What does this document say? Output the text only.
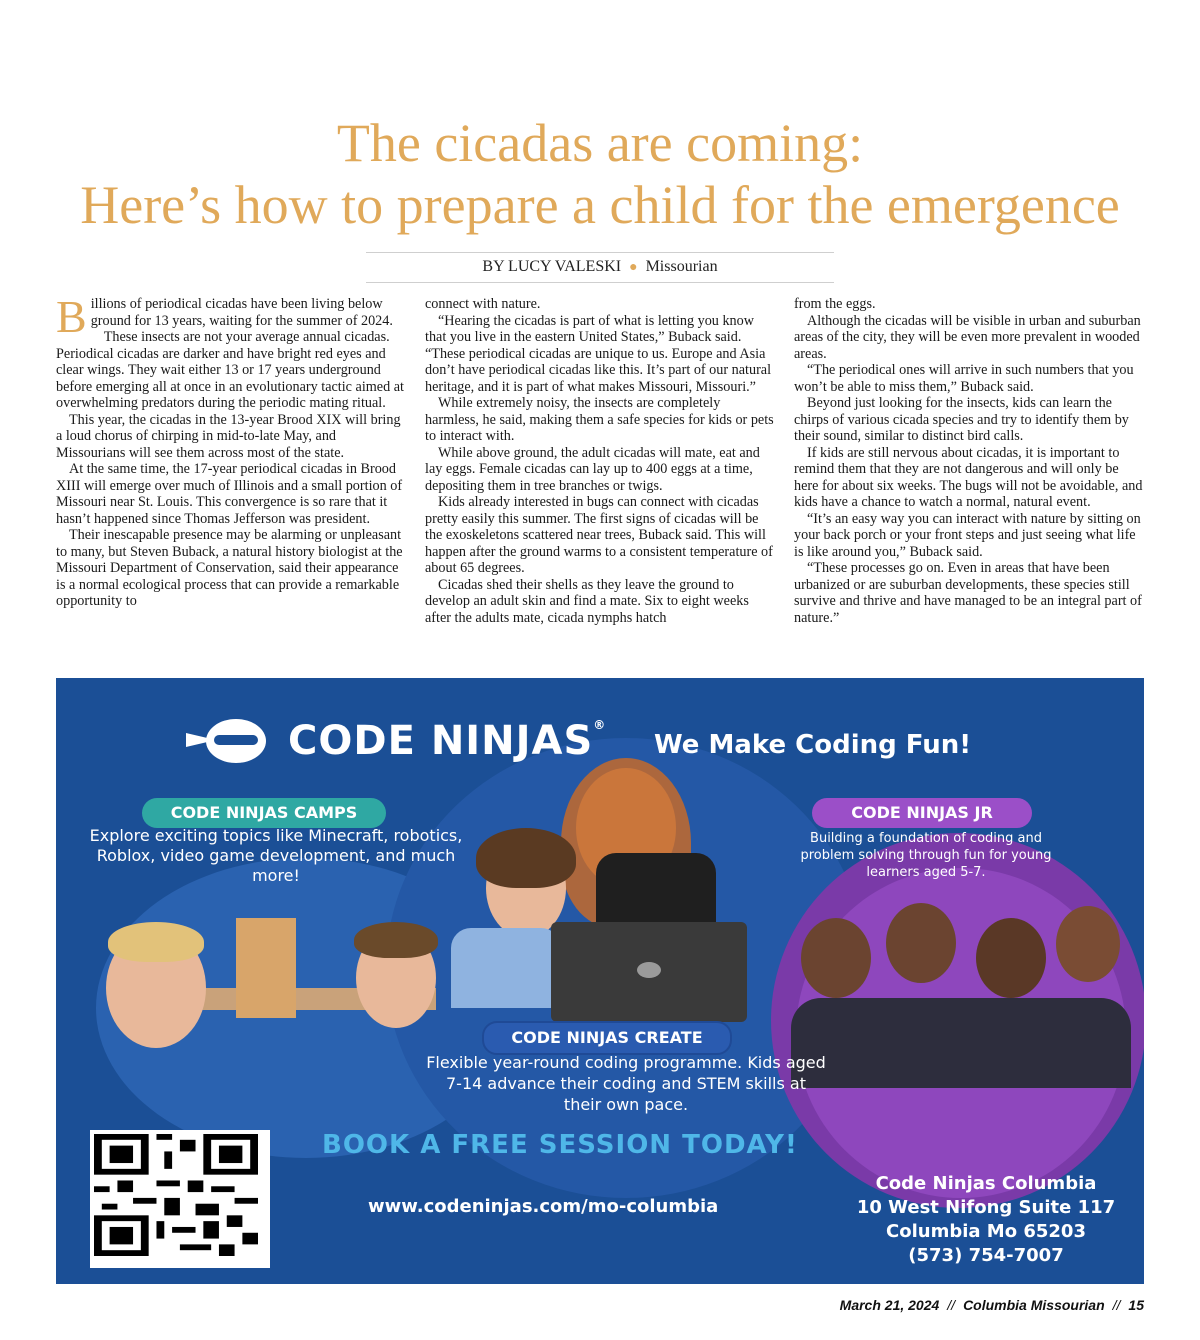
The cicadas are coming:
Here’s how to prepare a child for the emergence
BY LUCY VALESKI ● Missourian

Billions of periodical cicadas have been living below ground for 13 years, waiting for the summer of 2024.

These insects are not your average annual cicadas. Periodical cicadas are darker and have bright red eyes and clear wings. They wait either 13 or 17 years underground before emerging all at once in an evolutionary tactic aimed at overwhelming predators during the periodic mating ritual.

This year, the cicadas in the 13-year Brood XIX will bring a loud chorus of chirping in mid-to-late May, and Missourians will see them across most of the state.

At the same time, the 17-year periodical cicadas in Brood XIII will emerge over much of Illinois and a small portion of Missouri near St. Louis. This convergence is so rare that it hasn’t happened since Thomas Jefferson was president.

Their inescapable presence may be alarming or unpleasant to many, but Steven Buback, a natural history biologist at the Missouri Department of Conservation, said their appearance is a normal ecological process that can provide a remarkable opportunity to

connect with nature.

“Hearing the cicadas is part of what is letting you know that you live in the eastern United States,” Buback said. “These periodical cicadas are unique to us. Europe and Asia don’t have periodical cicadas like this. It’s part of our natural heritage, and it is part of what makes Missouri, Missouri.”

While extremely noisy, the insects are completely harmless, he said, making them a safe species for kids or pets to interact with.

While above ground, the adult cicadas will mate, eat and lay eggs. Female cicadas can lay up to 400 eggs at a time, depositing them in tree branches or twigs.

Kids already interested in bugs can connect with cicadas pretty easily this summer. The first signs of cicadas will be the exoskeletons scattered near trees, Buback said. This will happen after the ground warms to a consistent temperature of about 65 degrees.

Cicadas shed their shells as they leave the ground to develop an adult skin and find a mate. Six to eight weeks after the adults mate, cicada nymphs hatch

from the eggs.

Although the cicadas will be visible in urban and suburban areas of the city, they will be even more prevalent in wooded areas.

“The periodical ones will arrive in such numbers that you won’t be able to miss them,” Buback said.

Beyond just looking for the insects, kids can learn the chirps of various cicada species and try to identify them by their sound, similar to distinct bird calls.

If kids are still nervous about cicadas, it is important to remind them that they are not dangerous and will only be here for about six weeks. The bugs will not be avoidable, and kids have a chance to watch a normal, natural event.

“It’s an easy way you can interact with nature by sitting on your back porch or your front steps and just seeing what life is like around you,” Buback said.

“These processes go on. Even in areas that have been urbanized or are suburban developments, these species still survive and thrive and have managed to be an integral part of nature.”

CODE NINJAS®
We Make Coding Fun!
CODE NINJAS CAMPS
Explore exciting topics like Minecraft, robotics, Roblox, video game development, and much more!
CODE NINJAS JR
Building a foundation of coding and problem solving through fun for young learners aged 5-7.
CODE NINJAS CREATE
Flexible year-round coding programme. Kids aged 7-14 advance their coding and STEM skills at their own pace.
BOOK A FREE SESSION TODAY!
www.codeninjas.com/mo-columbia
Code Ninjas Columbia
10 West Nifong Suite 117
Columbia Mo 65203
(573) 754-7007
March 21, 2024 // Columbia Missourian // 15
